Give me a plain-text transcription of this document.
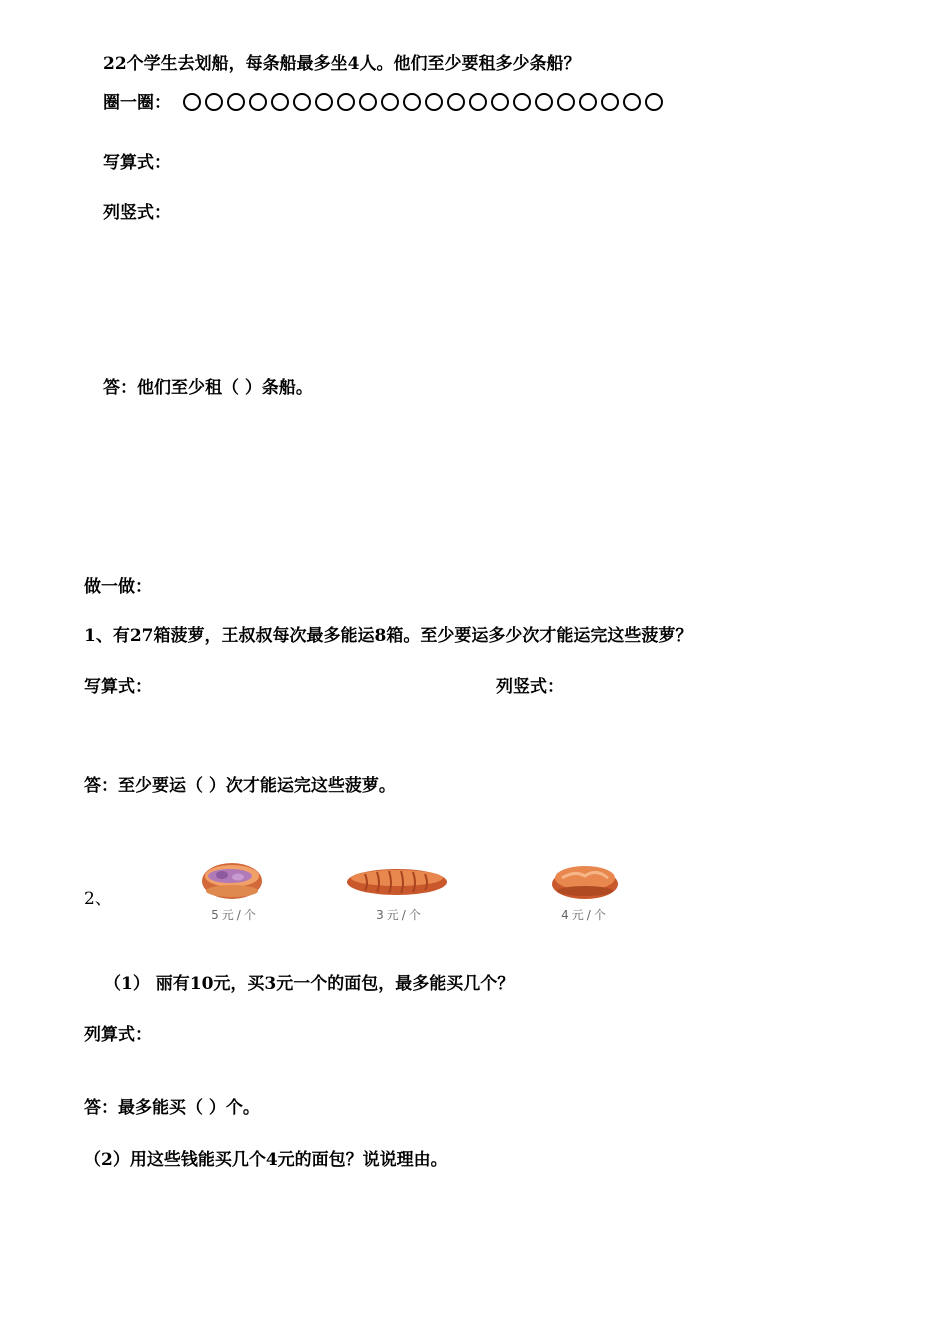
22个学生去划船，每条船最多坐4人。他们至少要租多少条船？
圈一圈：
写算式：
列竖式：
答：他们至少租（ ）条船。
做一做：
1、有27箱菠萝，王叔叔每次最多能运8箱。至少要运多少次才能运完这些菠萝？
写算式：	列竖式：
答：至少要运（ ）次才能运完这些菠萝。
2、
5元/个	3元/个	4元/个
（1） 丽有10元，买3元一个的面包，最多能买几个？
列算式：
答：最多能买（ ）个。
（2）用这些钱能买几个4元的面包？说说理由。
